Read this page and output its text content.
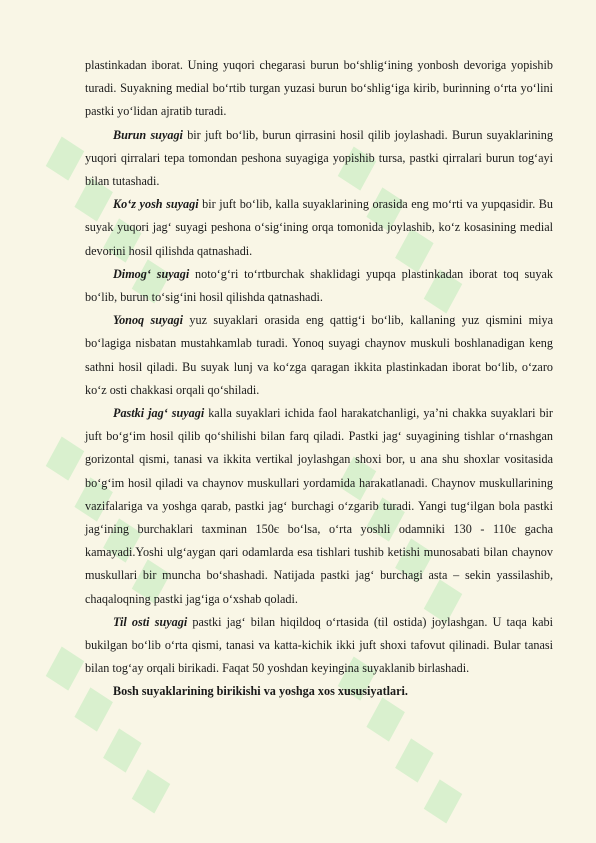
plastinkadan iborat. Uning yuqori chegarasi burun bo‘shlig‘ining yonbosh devoriga yopishib turadi. Suyakning medial bo‘rtib turgan yuzasi burun bo‘shlig‘iga kirib, burinning o‘rta yo‘lini pastki yo‘lidan ajratib turadi.

Burun suyagi bir juft bo‘lib, burun qirrasini hosil qilib joylashadi. Burun suyaklarining yuqori qirralari tepa tomondan peshona suyagiga yopishib tursa, pastki qirralari burun tog‘ayi bilan tutashadi.

Ko‘z yosh suyagi bir juft bo‘lib, kalla suyaklarining orasida eng mo‘rti va yupqasidir. Bu suyak yuqori jag‘ suyagi peshona o‘sig‘ining orqa tomonida joylashib, ko‘z kosasining medial devorini hosil qilishda qatnashadi.

Dimog‘ suyagi noto‘g‘ri to‘rtburchak shaklidagi yupqa plastinkadan iborat toq suyak bo‘lib, burun to‘sig‘ini hosil qilishda qatnashadi.

Yonoq suyagi yuz suyaklari orasida eng qattig‘i bo‘lib, kallaning yuz qismini miya bo‘lagiga nisbatan mustahkamlab turadi. Yonoq suyagi chaynov muskuli boshlanadigan keng sathni hosil qiladi. Bu suyak lunj va ko‘zga qaragan ikkita plastinkadan iborat bo‘lib, o‘zaro ko‘z osti chakkasi orqali qo‘shiladi.

Pastki jag‘ suyagi kalla suyaklari ichida faol harakatchanligi, ya’ni chakka suyaklari bir juft bo‘g‘im hosil qilib qo‘shilishi bilan farq qiladi. Pastki jag‘ suyagining tishlar o‘rnashgan gorizontal qismi, tanasi va ikkita vertikal joylashgan shoxi bor, u ana shu shoxlar vositasida bo‘g‘im hosil qiladi va chaynov muskullari yordamida harakatlanadi. Chaynov muskullarining vazifalariga va yoshga qarab, pastki jag‘ burchagi o‘zgarib turadi. Yangi tug‘ilgan bola pastki jag‘ining burchaklari taxminan 150є bo‘lsa, o‘rta yoshli odamniki 130 - 110є gacha kamayadi.Yoshi ulg‘aygan qari odamlarda esa tishlari tushib ketishi munosabati bilan chaynov muskullari bir muncha bo‘shashadi. Natijada pastki jag‘ burchagi asta – sekin yassilashib, chaqaloqning pastki jag‘iga o‘xshab qoladi.

Til osti suyagi pastki jag‘ bilan hiqildoq o‘rtasida (til ostida) joylashgan. U taqa kabi bukilgan bo‘lib o‘rta qismi, tanasi va katta-kichik ikki juft shoxi tafovut qilinadi. Bular tanasi bilan tog‘ay orqali birikadi. Faqat 50 yoshdan keyingina suyaklanib birlashadi.

Bosh suyaklarining birikishi va yoshga xos xususiyatlari.
